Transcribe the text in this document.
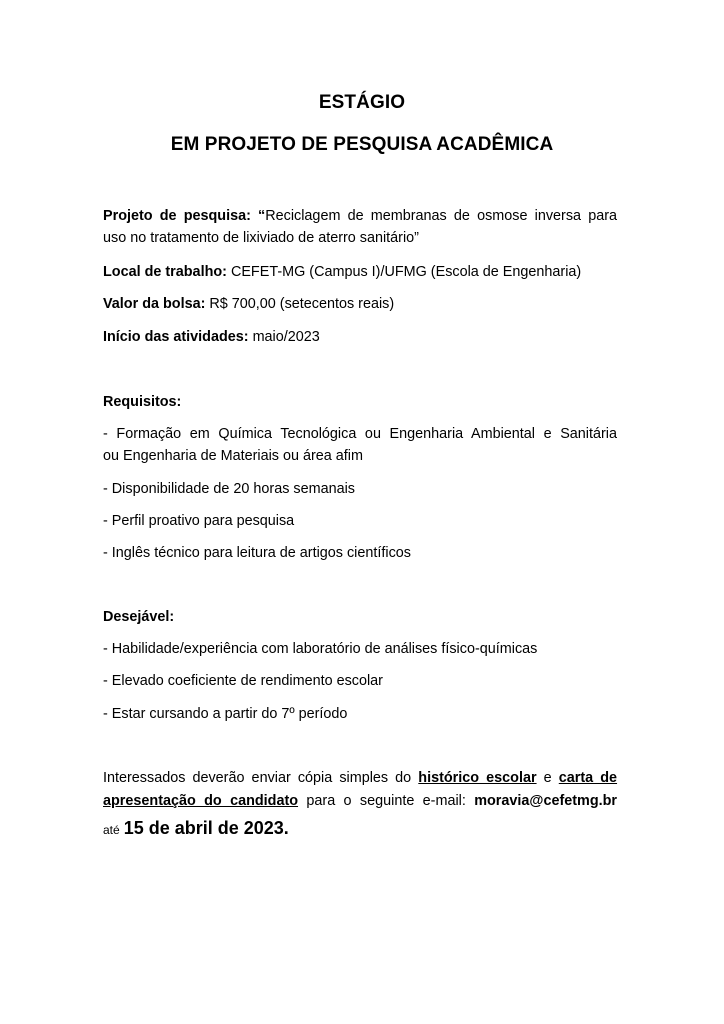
ESTÁGIO
EM PROJETO DE PESQUISA ACADÊMICA
Projeto de pesquisa: “Reciclagem de membranas de osmose inversa para
uso no tratamento de lixiviado de aterro sanitário”
Local de trabalho: CEFET-MG (Campus I)/UFMG (Escola de Engenharia)
Valor da bolsa: R$ 700,00 (setecentos reais)
Início das atividades: maio/2023
Requisitos:
- Formação em Química Tecnológica ou Engenharia Ambiental e Sanitária
ou Engenharia de Materiais ou área afim
- Disponibilidade de 20 horas semanais
- Perfil proativo para pesquisa
- Inglês técnico para leitura de artigos científicos
Desejável:
- Habilidade/experiência com laboratório de análises físico-químicas
- Elevado coeficiente de rendimento escolar
- Estar cursando a partir do 7º período
Interessados deverão enviar cópia simples do histórico escolar e carta de
apresentação do candidato para o seguinte e-mail: moravia@cefetmg.br
até 15 de abril de 2023.
